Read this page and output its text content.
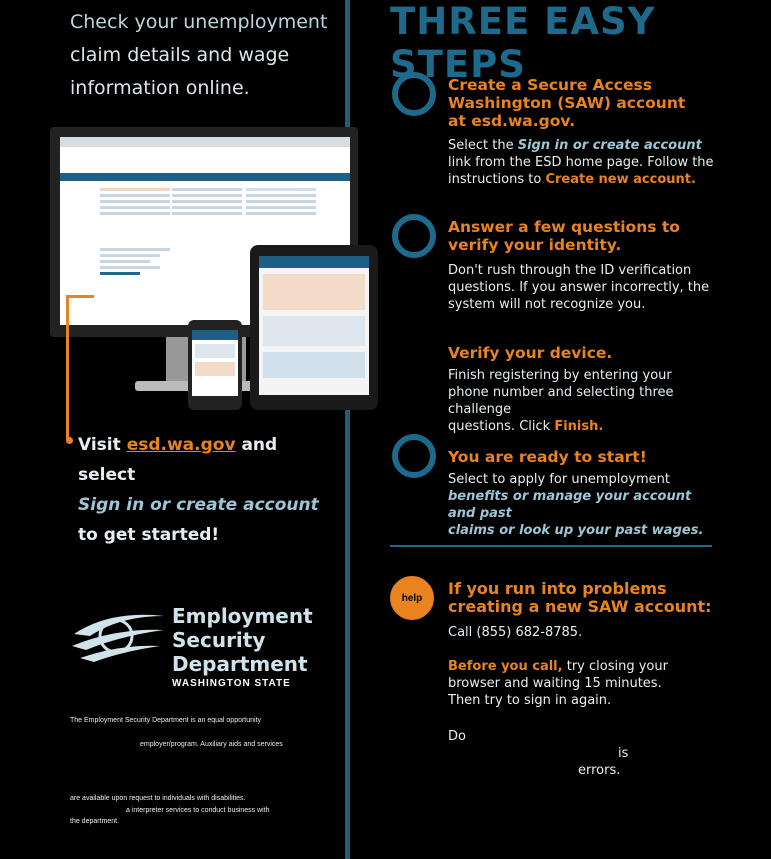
Check your unemployment
claim details and wage
information online.
Visit esd.wa.gov and select
Sign in or create account
to get started!
Employment
Security
Department
WASHINGTON STATE
The Employment Security Department is an equal opportunity
employer/program. Auxiliary aids and services
are available upon request to individuals with disabilities.
a interpreter services to conduct business with
the department.
THREE EASY STEPS
Create a Secure Access
Washington (SAW) account
at esd.wa.gov.
Select the Sign in or create account
link from the ESD home page. Follow the
instructions to Create new account.
Answer a few questions to
verify your identity.
Don't rush through the ID verification
questions. If you answer incorrectly, the
system will not recognize you.
Verify your device.
Finish registering by entering your
phone number and selecting three challenge
questions. Click Finish.
You are ready to start!
Select to apply for unemployment
benefits or manage your account and past
claims or look up your past wages.
help	If you run into problems
creating a new SAW account:
Call (855) 682-8785.
Before you call, try closing your
browser and waiting 15 minutes.
Then try to sign in again.
Do
is
errors.
